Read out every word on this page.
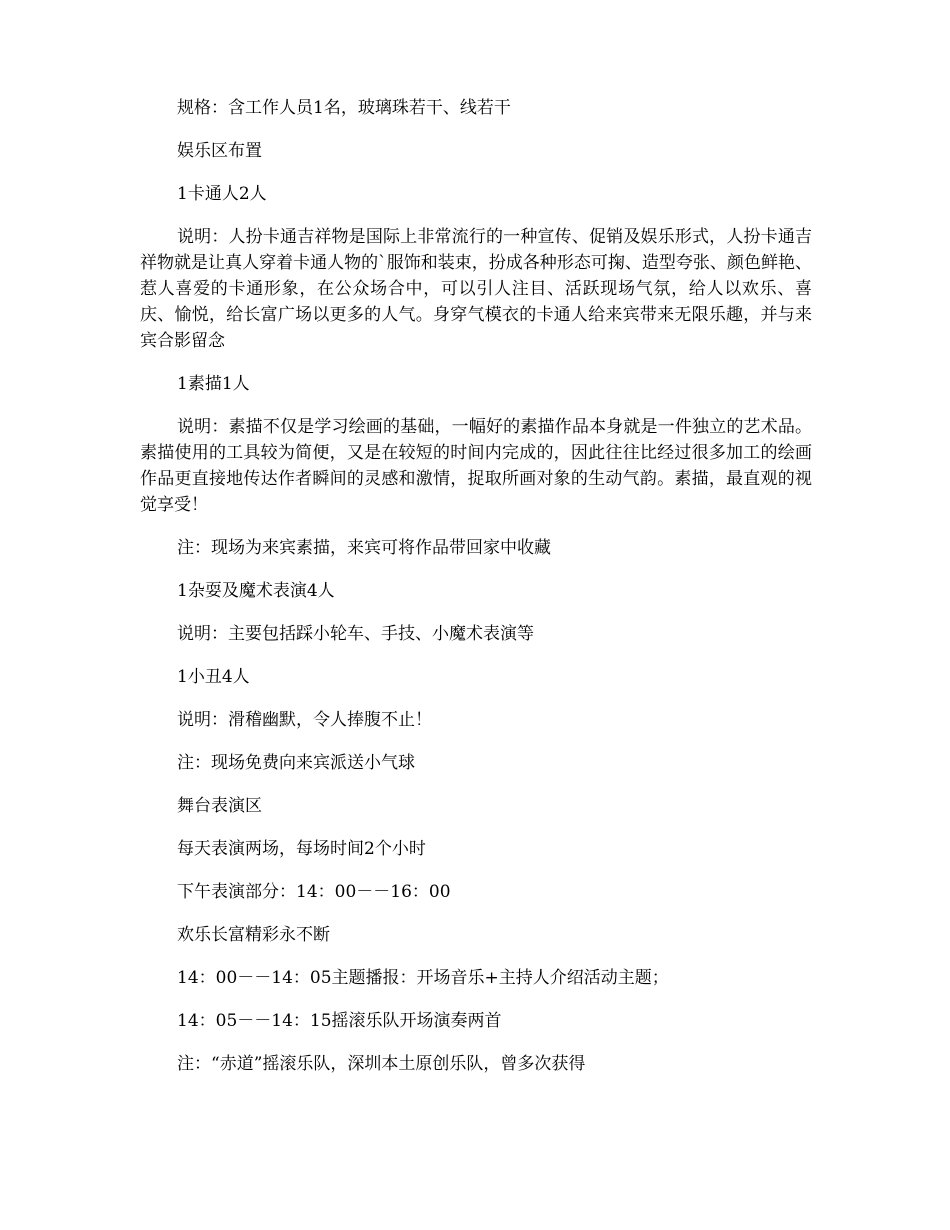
规格：含工作人员1名，玻璃珠若干、线若干

娱乐区布置

1卡通人2人

说明：人扮卡通吉祥物是国际上非常流行的一种宣传、促销及娱乐形式，人扮卡通吉祥物就是让真人穿着卡通人物的`服饰和装束，扮成各种形态可掬、造型夸张、颜色鲜艳、惹人喜爱的卡通形象，在公众场合中，可以引人注目、活跃现场气氛，给人以欢乐、喜庆、愉悦，给长富广场以更多的人气。身穿气模衣的卡通人给来宾带来无限乐趣，并与来宾合影留念

1素描1人

说明：素描不仅是学习绘画的基础，一幅好的素描作品本身就是一件独立的艺术品。素描使用的工具较为简便，又是在较短的时间内完成的，因此往往比经过很多加工的绘画作品更直接地传达作者瞬间的灵感和激情，捉取所画对象的生动气韵。素描，最直观的视觉享受！

注：现场为来宾素描，来宾可将作品带回家中收藏

1杂耍及魔术表演4人

说明：主要包括踩小轮车、手技、小魔术表演等

1小丑4人

说明：滑稽幽默，令人捧腹不止！

注：现场免费向来宾派送小气球

舞台表演区

每天表演两场，每场时间2个小时

下午表演部分：14：00－－16：00

欢乐长富精彩永不断

14：00－－14：05主题播报：开场音乐+主持人介绍活动主题；

14：05－－14：15摇滚乐队开场演奏两首

注：“赤道”摇滚乐队，深圳本土原创乐队，曾多次获得
